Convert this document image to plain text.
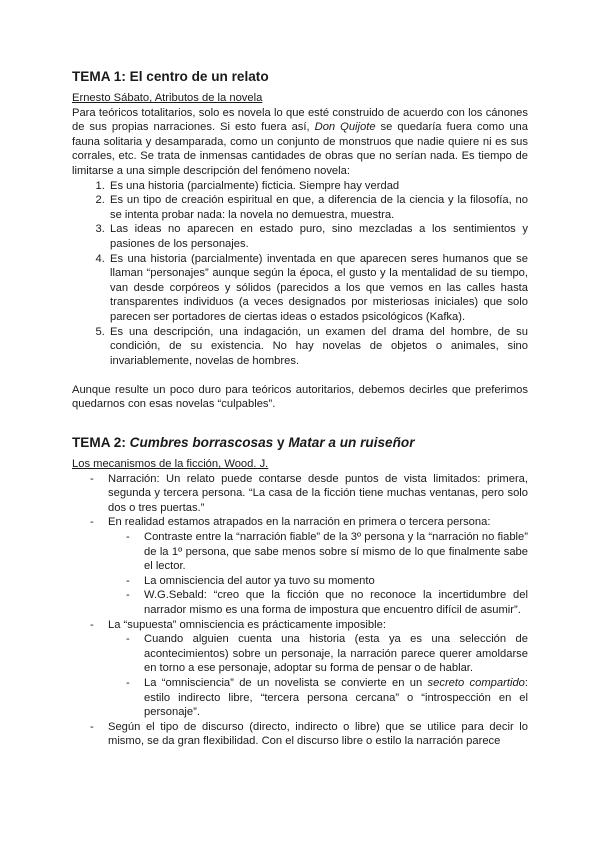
TEMA 1: El centro de un relato
Ernesto Sábato, Atributos de la novela

Para teóricos totalitarios, solo es novela lo que esté construido de acuerdo con los cánones de sus propias narraciones. Si esto fuera así, Don Quijote se quedaría fuera como una fauna solitaria y desamparada, como un conjunto de monstruos que nadie quiere ni es sus corrales, etc. Se trata de inmensas cantidades de obras que no serían nada. Es tiempo de limitarse a una simple descripción del fenómeno novela:

1. Es una historia (parcialmente) ficticia. Siempre hay verdad
2. Es un tipo de creación espiritual en que, a diferencia de la ciencia y la filosofía, no se intenta probar nada: la novela no demuestra, muestra.
3. Las ideas no aparecen en estado puro, sino mezcladas a los sentimientos y pasiones de los personajes.
4. Es una historia (parcialmente) inventada en que aparecen seres humanos que se llaman “personajes” aunque según la época, el gusto y la mentalidad de su tiempo, van desde corpóreos y sólidos (parecidos a los que vemos en las calles hasta transparentes individuos (a veces designados por misteriosas iniciales) que solo parecen ser portadores de ciertas ideas o estados psicológicos (Kafka).
5. Es una descripción, una indagación, un examen del drama del hombre, de su condición, de su existencia. No hay novelas de objetos o animales, sino invariablemente, novelas de hombres.

Aunque resulte un poco duro para teóricos autoritarios, debemos decirles que preferimos quedarnos con esas novelas “culpables”.

TEMA 2: Cumbres borrascosas y Matar a un ruiseñor
Los mecanismos de la ficción, Wood. J.
- Narración: Un relato puede contarse desde puntos de vista limitados: primera, segunda y tercera persona. “La casa de la ficción tiene muchas ventanas, pero solo dos o tres puertas.”
- En realidad estamos atrapados en la narración en primera o tercera persona:
- Contraste entre la “narración fiable” de la 3º persona y la “narración no fiable” de la 1º persona, que sabe menos sobre sí mismo de lo que finalmente sabe el lector.
- La omnisciencia del autor ya tuvo su momento
- W.G.Sebald: “creo que la ficción que no reconoce la incertidumbre del narrador mismo es una forma de impostura que encuentro difícil de asumir”.
- La “supuesta” omnisciencia es prácticamente imposible:
- Cuando alguien cuenta una historia (esta ya es una selección de acontecimientos) sobre un personaje, la narración parece querer amoldarse en torno a ese personaje, adoptar su forma de pensar o de hablar.
- La “omnisciencia” de un novelista se convierte en un secreto compartido: estilo indirecto libre, “tercera persona cercana” o “introspección en el personaje”.
- Según el tipo de discurso (directo, indirecto o libre) que se utilice para decir lo mismo, se da gran flexibilidad. Con el discurso libre o estilo la narración parece
